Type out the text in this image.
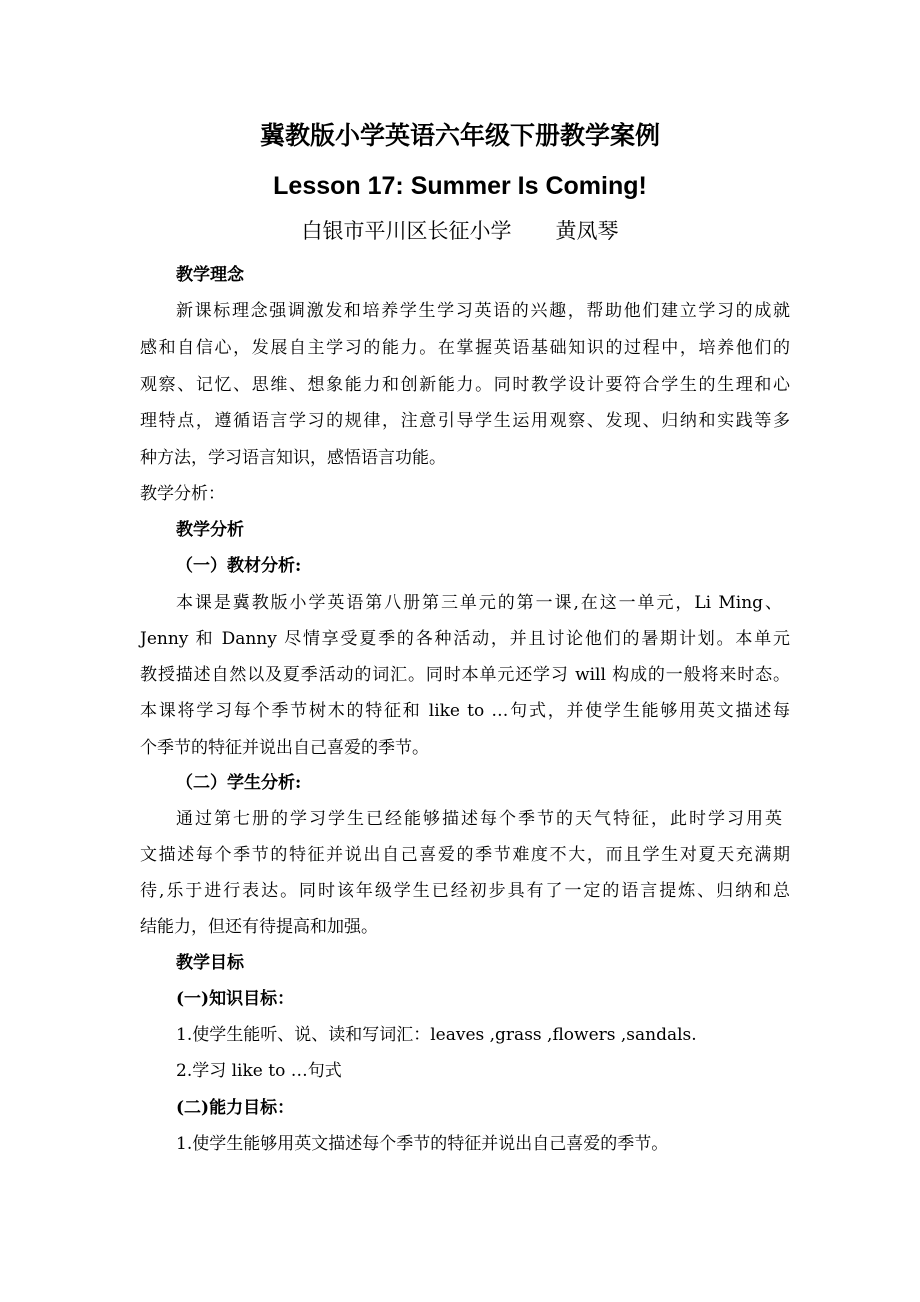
冀教版小学英语六年级下册教学案例
Lesson 17: Summer Is Coming!
白银市平川区长征小学 黄凤琴
教学理念
新课标理念强调激发和培养学生学习英语的兴趣，帮助他们建立学习的成就
感和自信心，发展自主学习的能力。在掌握英语基础知识的过程中，培养他们的
观察、记忆、思维、想象能力和创新能力。同时教学设计要符合学生的生理和心
理特点，遵循语言学习的规律，注意引导学生运用观察、发现、归纳和实践等多
种方法，学习语言知识，感悟语言功能。
教学分析：
教学分析
（一）教材分析:
本课是冀教版小学英语第八册第三单元的第一课,在这一单元，Li Ming、
Jenny 和 Danny 尽情享受夏季的各种活动，并且讨论他们的暑期计划。本单元
教授描述自然以及夏季活动的词汇。同时本单元还学习 will 构成的一般将来时态。
本课将学习每个季节树木的特征和 like to …句式，并使学生能够用英文描述每
个季节的特征并说出自己喜爱的季节。
（二）学生分析:
通过第七册的学习学生已经能够描述每个季节的天气特征，此时学习用英
文描述每个季节的特征并说出自己喜爱的季节难度不大，而且学生对夏天充满期
待,乐于进行表达。同时该年级学生已经初步具有了一定的语言提炼、归纳和总
结能力，但还有待提高和加强。
教学目标
(一)知识目标：
1.使学生能听、说、读和写词汇：leaves ,grass ,flowers ,sandals.
2.学习 like to …句式
(二)能力目标：
1.使学生能够用英文描述每个季节的特征并说出自己喜爱的季节。
